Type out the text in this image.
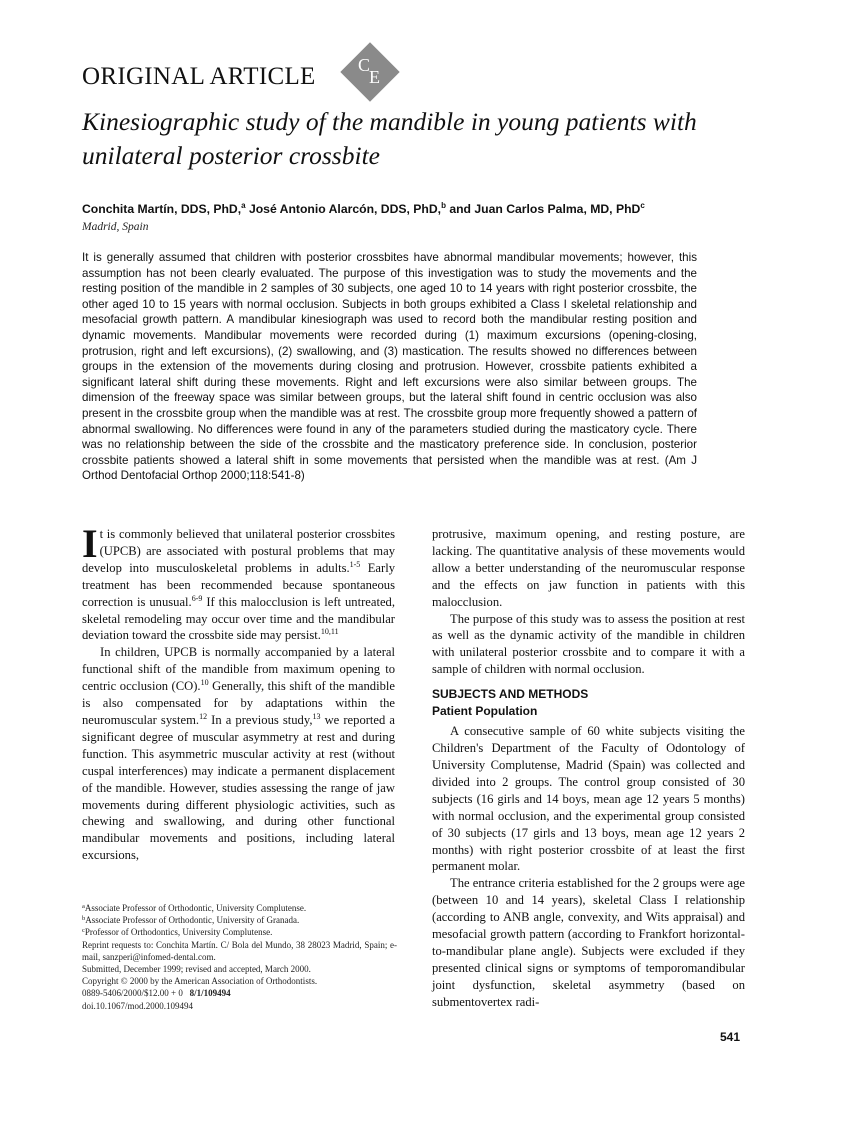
ORIGINAL ARTICLE C
E
Kinesiographic study of the mandible in young patients with unilateral posterior crossbite
Conchita Martín, DDS, PhD,$^a$ José Antonio Alarcón, DDS, PhD,$^b$ and Juan Carlos Palma, MD, PhD$^c$
Madrid, Spain

It is generally assumed that children with posterior crossbites have abnormal mandibular movements; however, this assumption has not been clearly evaluated. The purpose of this investigation was to study the movements and the resting position of the mandible in 2 samples of 30 subjects, one aged 10 to 14 years with right posterior crossbite, the other aged 10 to 15 years with normal occlusion. Subjects in both groups exhibited a Class I skeletal relationship and mesofacial growth pattern. A mandibular kinesiograph was used to record both the mandibular resting position and dynamic movements. Mandibular movements were recorded during (1) maximum excursions (opening-closing, protrusion, right and left excursions), (2) swallowing, and (3) mastication. The results showed no differences between groups in the extension of the movements during closing and protrusion. However, crossbite patients exhibited a significant lateral shift during these movements. Right and left excursions were also similar between groups. The dimension of the freeway space was similar between groups, but the lateral shift found in centric occlusion was also present in the crossbite group when the mandible was at rest. The crossbite group more frequently showed a pattern of abnormal swallowing. No differences were found in any of the parameters studied during the masticatory cycle. There was no relationship between the side of the crossbite and the masticatory preference side. In conclusion, posterior crossbite patients showed a lateral shift in some movements that persisted when the mandible was at rest. (Am J Orthod Dentofacial Orthop 2000;118:541-8)

It is commonly believed that unilateral posterior crossbites (UPCB) are associated with postural problems that may develop into musculoskeletal problems in adults.$^{1-5}$ Early treatment has been recommended because spontaneous correction is unusual.$^{6-9}$ If this malocclusion is left untreated, skeletal remodeling may occur over time and the mandibular deviation toward the crossbite side may persist.$^{10,11}$

In children, UPCB is normally accompanied by a lateral functional shift of the mandible from maximum opening to centric occlusion (CO).$^{10}$ Generally, this shift of the mandible is also compensated for by adaptations within the neuromuscular system.$^{12}$ In a previous study,$^{13}$ we reported a significant degree of muscular asymmetry at rest and during function. This asymmetric muscular activity at rest (without cuspal interferences) may indicate a permanent displacement of the mandible. However, studies assessing the range of jaw movements during different physiologic activities, such as chewing and swallowing, and during other functional mandibular movements and positions, including lateral excursions,

protrusive, maximum opening, and resting posture, are lacking. The quantitative analysis of these movements would allow a better understanding of the neuromuscular response and the effects on jaw function in patients with this malocclusion.

The purpose of this study was to assess the position at rest as well as the dynamic activity of the mandible in children with unilateral posterior crossbite and to compare it with a sample of children with normal occlusion.

SUBJECTS AND METHODS
Patient Population

A consecutive sample of 60 white subjects visiting the Children's Department of the Faculty of Odontology of University Complutense, Madrid (Spain) was collected and divided into 2 groups. The control group consisted of 30 subjects (16 girls and 14 boys, mean age 12 years 5 months) with normal occlusion, and the experimental group consisted of 30 subjects (17 girls and 13 boys, mean age 12 years 2 months) with right posterior crossbite of at least the first permanent molar.

The entrance criteria established for the 2 groups were age (between 10 and 14 years), skeletal Class I relationship (according to ANB angle, convexity, and Wits appraisal) and mesofacial growth pattern (according to Frankfort horizontal-to-mandibular plane angle). Subjects were excluded if they presented clinical signs or symptoms of temporomandibular joint dysfunction, skeletal asymmetry (based on submentovertex radi-

$^a$Associate Professor of Orthodontic, University Complutense.
$^b$Associate Professor of Orthodontic, University of Granada.
$^c$Professor of Orthodontics, University Complutense.
Reprint requests to: Conchita Martín. C/ Bola del Mundo, 38 28023 Madrid, Spain; e-mail, sanzperi@infomed-dental.com.
Submitted, December 1999; revised and accepted, March 2000.
Copyright © 2000 by the American Association of Orthodontists.
0889-5406/2000/$12.00 + 0 8/1/109494
doi.10.1067/mod.2000.109494
541
